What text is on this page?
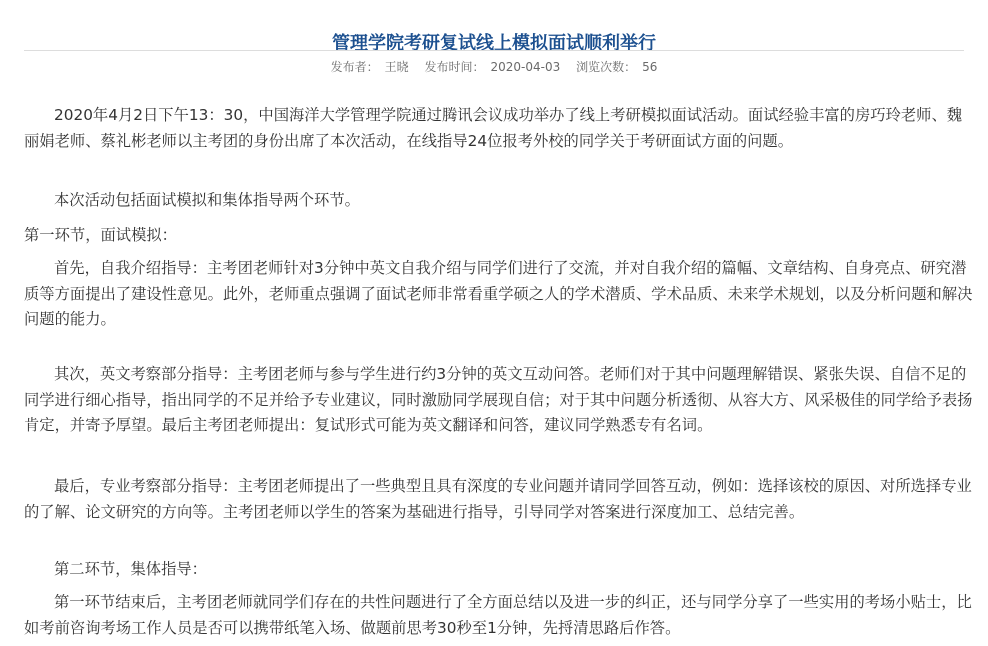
管理学院考研复试线上模拟面试顺利举行
发布者： 王晓 发布时间： 2020-04-03 浏览次数： 56

2020年4月2日下午13：30，中国海洋大学管理学院通过腾讯会议成功举办了线上考研模拟面试活动。面试经验丰富的房巧玲老师、魏丽娟老师、蔡礼彬老师以主考团的身份出席了本次活动，在线指导24位报考外校的同学关于考研面试方面的问题。

本次活动包括面试模拟和集体指导两个环节。

第一环节，面试模拟：

首先，自我介绍指导：主考团老师针对3分钟中英文自我介绍与同学们进行了交流，并对自我介绍的篇幅、文章结构、自身亮点、研究潜质等方面提出了建设性意见。此外，老师重点强调了面试老师非常看重学硕之人的学术潜质、学术品质、未来学术规划，以及分析问题和解决问题的能力。

其次，英文考察部分指导：主考团老师与参与学生进行约3分钟的英文互动问答。老师们对于其中问题理解错误、紧张失误、自信不足的同学进行细心指导，指出同学的不足并给予专业建议，同时激励同学展现自信；对于其中问题分析透彻、从容大方、风采极佳的同学给予表扬肯定，并寄予厚望。最后主考团老师提出：复试形式可能为英文翻译和问答，建议同学熟悉专有名词。

最后，专业考察部分指导：主考团老师提出了一些典型且具有深度的专业问题并请同学回答互动，例如：选择该校的原因、对所选择专业的了解、论文研究的方向等。主考团老师以学生的答案为基础进行指导，引导同学对答案进行深度加工、总结完善。

第二环节，集体指导：

第一环节结束后，主考团老师就同学们存在的共性问题进行了全方面总结以及进一步的纠正，还与同学分享了一些实用的考场小贴士，比如考前咨询考场工作人员是否可以携带纸笔入场、做题前思考30秒至1分钟，先捋清思路后作答。
